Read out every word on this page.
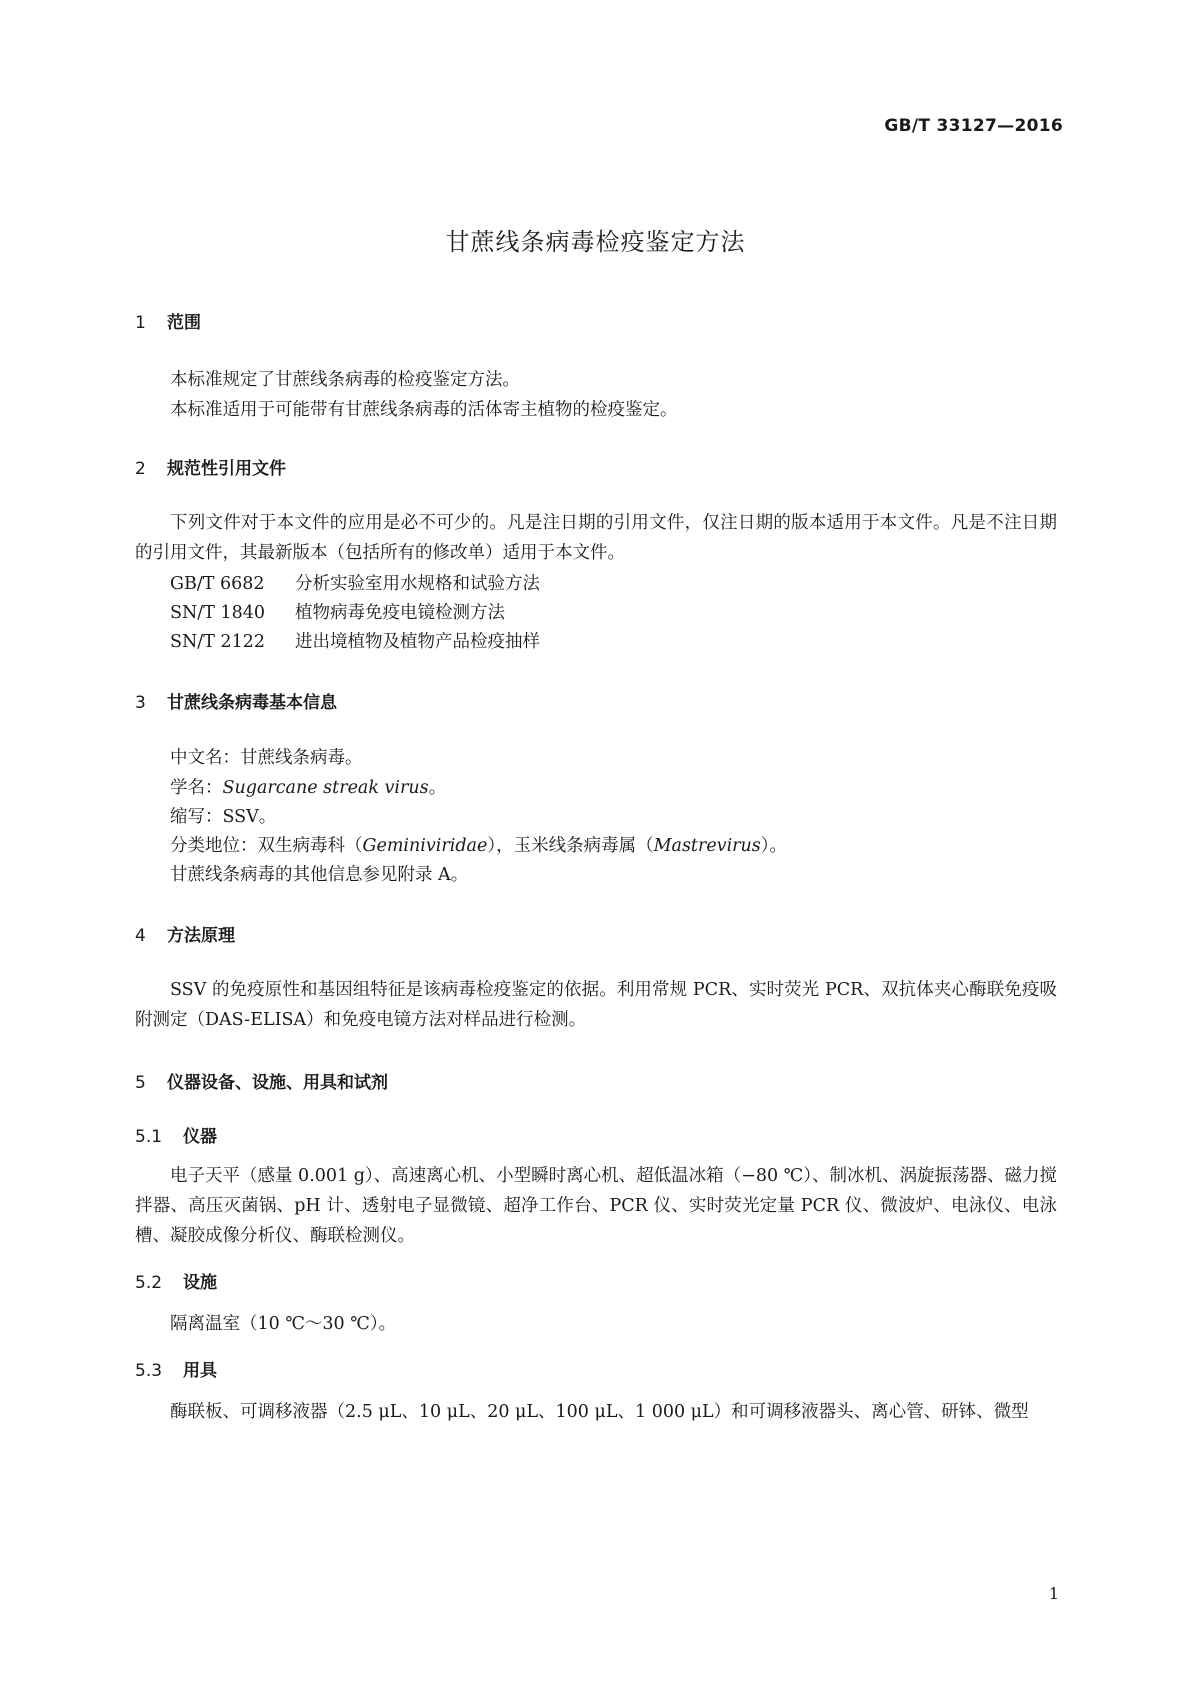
GB/T 33127—2016
甘蔗线条病毒检疫鉴定方法
1 范围
本标准规定了甘蔗线条病毒的检疫鉴定方法。
本标准适用于可能带有甘蔗线条病毒的活体寄主植物的检疫鉴定。
2 规范性引用文件
下列文件对于本文件的应用是必不可少的。凡是注日期的引用文件，仅注日期的版本适用于本文件。凡是不注日期的引用文件，其最新版本（包括所有的修改单）适用于本文件。
GB/T 6682 分析实验室用水规格和试验方法
SN/T 1840 植物病毒免疫电镜检测方法
SN/T 2122 进出境植物及植物产品检疫抽样
3 甘蔗线条病毒基本信息
中文名：甘蔗线条病毒。
学名：Sugarcane streak virus。
缩写：SSV。
分类地位：双生病毒科（Geminiviridae），玉米线条病毒属（Mastrevirus）。
甘蔗线条病毒的其他信息参见附录 A。
4 方法原理
SSV 的免疫原性和基因组特征是该病毒检疫鉴定的依据。利用常规 PCR、实时荧光 PCR、双抗体夹心酶联免疫吸附测定（DAS-ELISA）和免疫电镜方法对样品进行检测。
5 仪器设备、设施、用具和试剂
5.1 仪器
电子天平（感量 0.001 g）、高速离心机、小型瞬时离心机、超低温冰箱（−80 ℃）、制冰机、涡旋振荡器、磁力搅拌器、高压灭菌锅、pH 计、透射电子显微镜、超净工作台、PCR 仪、实时荧光定量 PCR 仪、微波炉、电泳仪、电泳槽、凝胶成像分析仪、酶联检测仪。
5.2 设施
隔离温室（10 ℃～30 ℃）。
5.3 用具
酶联板、可调移液器（2.5 μL、10 μL、20 μL、100 μL、1 000 μL）和可调移液器头、离心管、研钵、微型
1
